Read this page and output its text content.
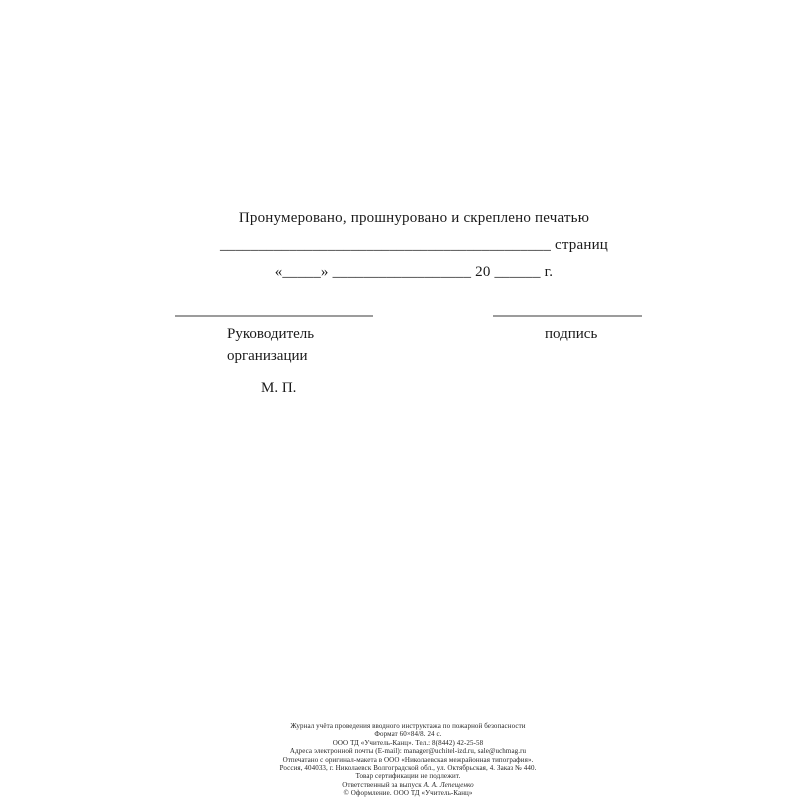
Пронумеровано, прошнуровано и скреплено печатью
___________________________________________ страниц
«_____» __________________ 20 ______ г.
Руководитель
организации
подпись
М. П.
Журнал учёта проведения вводного инструктажа по пожарной безопасности
Формат 60×84/8. 24 с.
ООО ТД «Учитель-Канц». Тел.: 8(8442) 42-25-58
Адреса электронной почты (E-mail): manager@uchitel-izd.ru, sale@uchmag.ru
Отпечатано с оригинал-макета в ООО «Николаевская межрайонная типография».
Россия, 404033, г. Николаевск Волгоградской обл., ул. Октябрьская, 4. Заказ № 440.
Товар сертификации не подлежит.
Ответственный за выпуск А. А. Лепещенко
© Оформление. ООО ТД «Учитель-Канц»
